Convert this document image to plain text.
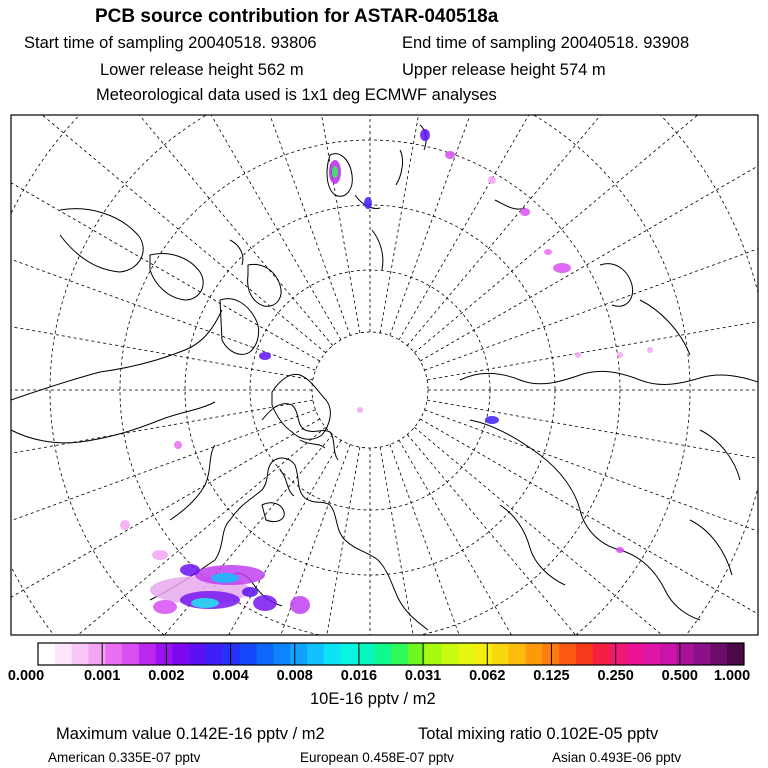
PCB source contribution for ASTAR-040518a
Start time of sampling 20040518. 93806	End time of sampling 20040518. 93908
Lower release height 562 m	Upper release height 574 m
Meteorological data used is 1x1 deg ECMWF analyses
0.000	0.001 0.002 0.004 0.008 0.016 0.031 0.062 0.125 0.250 0.500 1.000
10E-16 pptv / m2
Maximum value 0.142E-16 pptv / m2	Total mixing ratio 0.102E-05 pptv
American 0.335E-07 pptv	European 0.458E-07 pptv	Asian 0.493E-06 pptv
